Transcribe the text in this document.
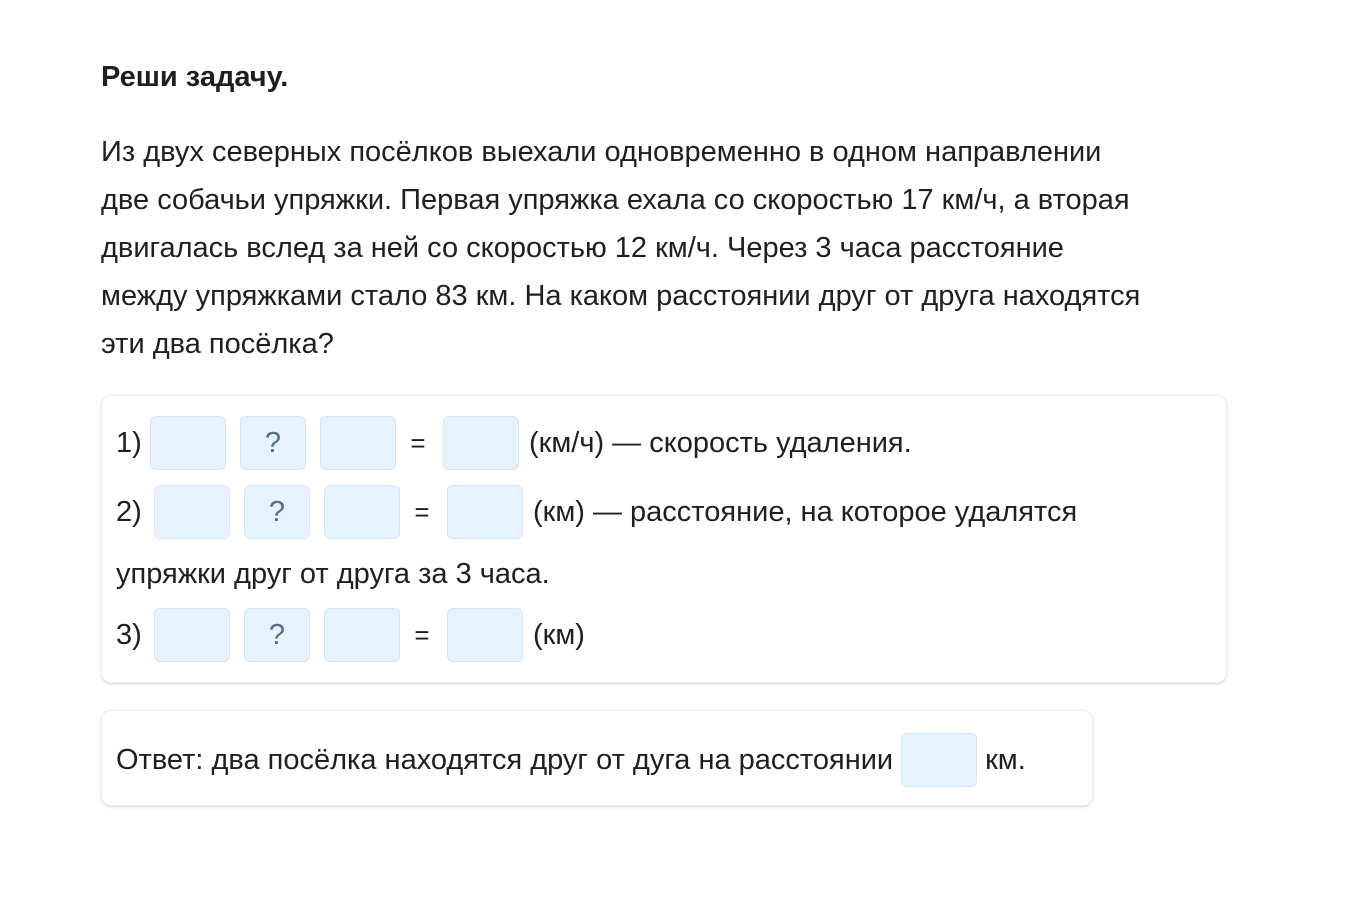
Реши задачу.

Из двух северных посёлков выехали одновременно в одном направлении
две собачьи упряжки. Первая упряжка ехала со скоростью 17 км/ч, а вторая
двигалась вслед за ней со скоростью 12 км/ч. Через 3 часа расстояние
между упряжками стало 83 км. На каком расстоянии друг от друга находятся
эти два посёлка?

1)	?	=	(км/ч) — скорость удаления.
2)	?	=	(км) — расстояние, на которое удалятся
упряжки друг от друга за 3 часа.
3)	?	=	(км)
Ответ: два посёлка находятся друг от дуга на расстоянии	км.
